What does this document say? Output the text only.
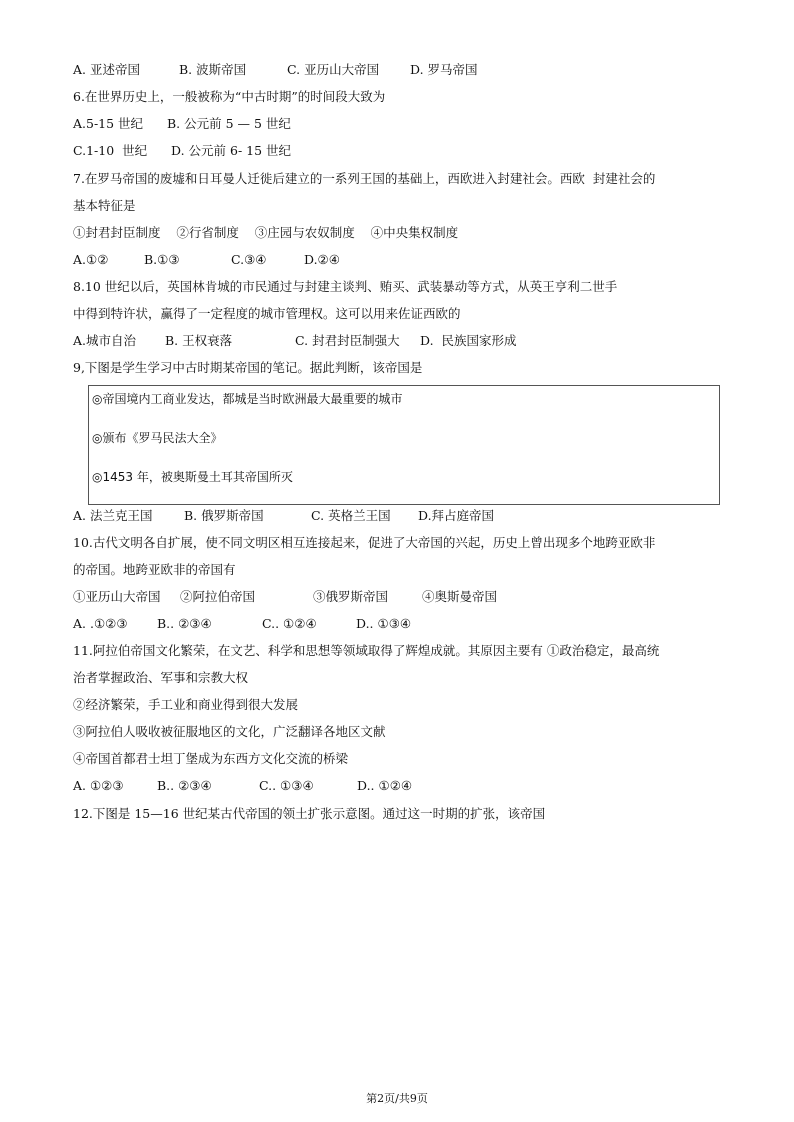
A. 亚述帝国	B. 波斯帝国	C. 亚历山大帝国 D. 罗马帝国
6.在世界历史上，一般被称为“中古时期”的时间段大致为
A.5-15 世纪 B. 公元前 5 — 5 世纪
C.1-10  世纪 D. 公元前 6- 15 世纪
7.在罗马帝国的废墟和日耳曼人迁徙后建立的一系列王国的基础上，西欧进入封建社会。西欧  封建社会的
基本特征是
①封君封臣制度    ②行省制度    ③庄园与农奴制度    ④中央集权制度
A.①②	B.①③	C.③④	D.②④
8.10 世纪以后，英国林肯城的市民通过与封建主谈判、贿买、武装暴动等方式，从英王亨利二世手
中得到特许状，赢得了一定程度的城市管理权。这可以用来佐证西欧的
A.城市自治 B. 王权衰落	C. 封君封臣制强大 D.  民族国家形成
9,下图是学生学习中古时期某帝国的笔记。据此判断，该帝国是
◎帝国境内工商业发达，都城是当时欧洲最大最重要的城市
◎颁布《罗马民法大全》
◎1453 年，被奥斯曼土耳其帝国所灭
A. 法兰克王国	B. 俄罗斯帝国	C. 英格兰王国 D.拜占庭帝国
10.古代文明各自扩展，使不同文明区相互连接起来，促进了大帝国的兴起，历史上曾出现多个地跨亚欧非
的帝国。地跨亚欧非的帝国有
①亚历山大帝国 ②阿拉伯帝国	③俄罗斯帝国	④奥斯曼帝国
A. .①②③ B.. ②③④	C.. ①②④	D.. ①③④
11.阿拉伯帝国文化繁荣，在文艺、科学和思想等领域取得了辉煌成就。其原因主要有 ①政治稳定，最高统
治者掌握政治、军事和宗教大权
②经济繁荣，手工业和商业得到很大发展
③阿拉伯人吸收被征服地区的文化，广泛翻译各地区文献
④帝国首都君士坦丁堡成为东西方文化交流的桥梁
A. ①②③	B.. ②③④	C.. ①③④	D.. ①②④
12.下图是 15—16 世纪某古代帝国的领土扩张示意图。通过这一时期的扩张，该帝国
第2页/共9页
